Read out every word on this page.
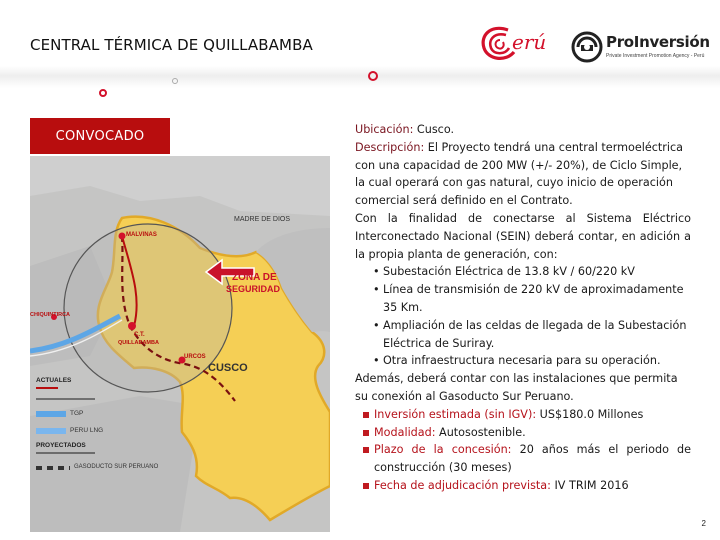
CENTRAL TÉRMICA DE QUILLABAMBA	erú	ProInversión
Private Investment Promotion Agency - Perú
CONVOCADO
MADRE DE DIOS
MALVINAS
ZONA DE
SEGURIDAD
CHIQUINTIRCA
C.T.
QUILLABAMBA
URCOS
CUSCO
ACTUALES
TGP
PERU LNG
PROYECTADOS
GASODUCTO SUR PERUANO

Ubicación: Cusco.

Descripción: El Proyecto tendrá una central termoeléctrica con una capacidad de 200 MW (+/- 20%), de Ciclo Simple, la cual operará con gas natural, cuyo inicio de operación comercial será definido en el Contrato.

Con la finalidad de conectarse al Sistema Eléctrico Interconectado Nacional (SEIN) deberá contar, en adición a la propia planta de generación, con:

• Subestación Eléctrica de 13.8 kV / 60/220 kV
• Línea de transmisión de 220 kV de aproximadamente 35 Km.
• Ampliación de las celdas de llegada de la Subestación Eléctrica de Suriray.
• Otra infraestructura necesaria para su operación.

Además, deberá contar con las instalaciones que permita su conexión al Gasoducto Sur Peruano.

Inversión estimada (sin IGV): US$180.0 Millones
Modalidad: Autosostenible.
Plazo de la concesión: 20 años más el periodo de construcción (30 meses)
Fecha de adjudicación prevista: IV TRIM 2016
2
